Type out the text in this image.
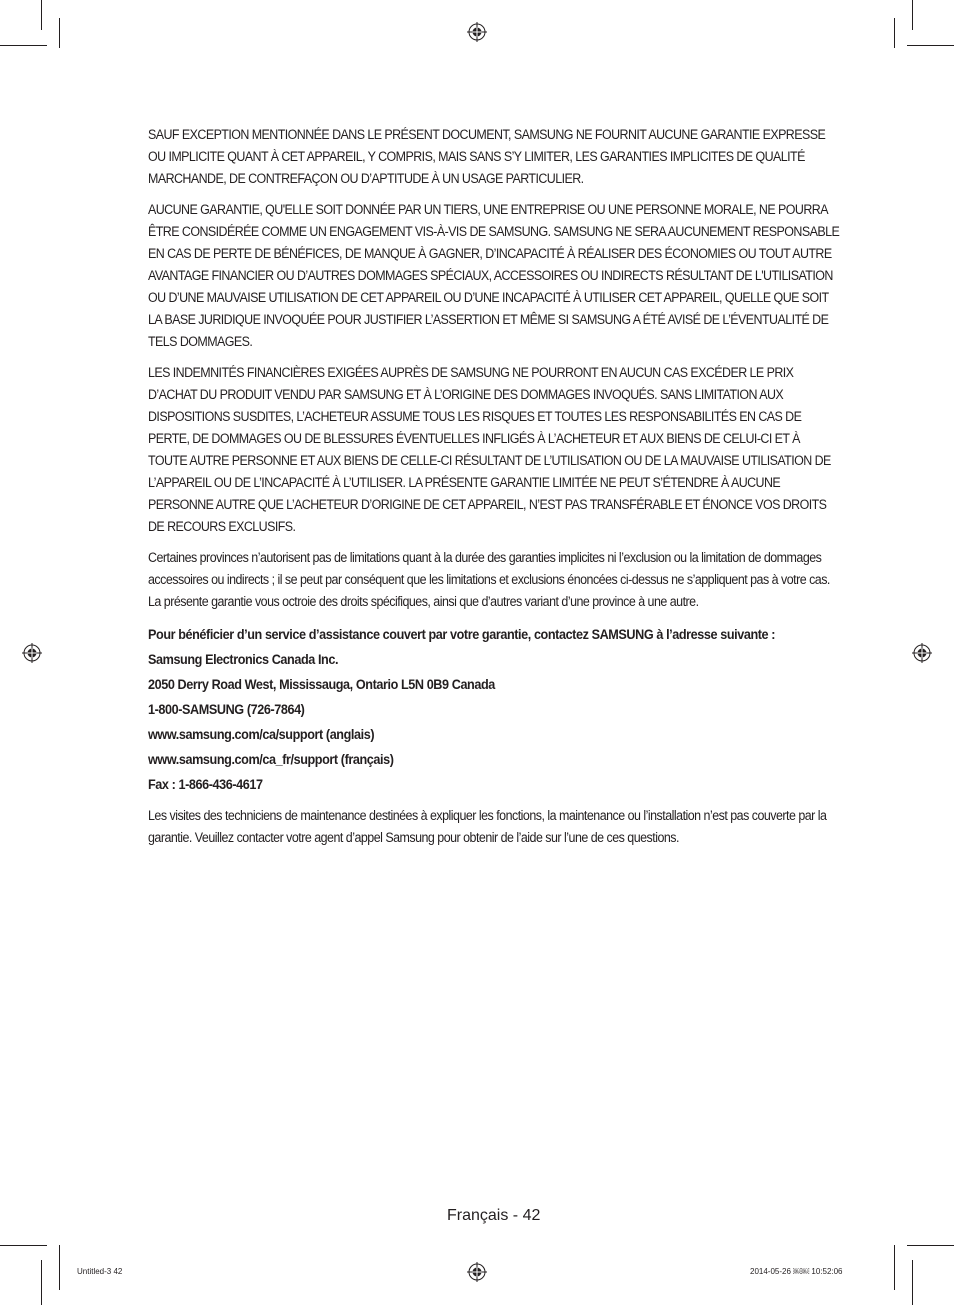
SAUF EXCEPTION MENTIONNÉE DANS LE PRÉSENT DOCUMENT, SAMSUNG NE FOURNIT AUCUNE GARANTIE EXPRESSE OU IMPLICITE QUANT À CET APPAREIL, Y COMPRIS, MAIS SANS S’Y LIMITER, LES GARANTIES IMPLICITES DE QUALITÉ MARCHANDE, DE CONTREFAÇON OU D’APTITUDE À UN USAGE PARTICULIER.

AUCUNE GARANTIE, QU'ELLE SOIT DONNÉE PAR UN TIERS, UNE ENTREPRISE OU UNE PERSONNE MORALE, NE POURRA ÊTRE CONSIDÉRÉE COMME UN ENGAGEMENT VIS-À-VIS DE SAMSUNG. SAMSUNG NE SERA AUCUNEMENT RESPONSABLE EN CAS DE PERTE DE BÉNÉFICES, DE MANQUE À GAGNER, D’INCAPACITÉ À RÉALISER DES ÉCONOMIES OU TOUT AUTRE AVANTAGE FINANCIER OU D’AUTRES DOMMAGES SPÉCIAUX, ACCESSOIRES OU INDIRECTS RÉSULTANT DE L'UTILISATION OU D’UNE MAUVAISE UTILISATION DE CET APPAREIL OU D’UNE INCAPACITÉ À UTILISER CET APPAREIL, QUELLE QUE SOIT LA BASE JURIDIQUE INVOQUÉE POUR JUSTIFIER L’ASSERTION ET MÊME SI SAMSUNG A ÉTÉ AVISÉ DE L’ÉVENTUALITÉ DE TELS DOMMAGES.

LES INDEMNITÉS FINANCIÈRES EXIGÉES AUPRÈS DE SAMSUNG NE POURRONT EN AUCUN CAS EXCÉDER LE PRIX D’ACHAT DU PRODUIT VENDU PAR SAMSUNG ET À L’ORIGINE DES DOMMAGES INVOQUÉS. SANS LIMITATION AUX DISPOSITIONS SUSDITES, L’ACHETEUR ASSUME TOUS LES RISQUES ET TOUTES LES RESPONSABILITÉS EN CAS DE PERTE, DE DOMMAGES OU DE BLESSURES ÉVENTUELLES INFLIGÉS À L’ACHETEUR ET AUX BIENS DE CELUI-CI ET À TOUTE AUTRE PERSONNE ET AUX BIENS DE CELLE-CI RÉSULTANT DE L’UTILISATION OU DE LA MAUVAISE UTILISATION DE L’APPAREIL OU DE L’INCAPACITÉ À L’UTILISER. LA PRÉSENTE GARANTIE LIMITÉE NE PEUT S’ÉTENDRE À AUCUNE PERSONNE AUTRE QUE L’ACHETEUR D’ORIGINE DE CET APPAREIL, N’EST PAS TRANSFÉRABLE ET ÉNONCE VOS DROITS DE RECOURS EXCLUSIFS.

Certaines provinces n’autorisent pas de limitations quant à la durée des garanties implicites ni l’exclusion ou la limitation de dommages accessoires ou indirects ; il se peut par conséquent que les limitations et exclusions énoncées ci-dessus ne s’appliquent pas à votre cas. La présente garantie vous octroie des droits spécifiques, ainsi que d’autres variant d’une province à une autre.

Pour bénéficier d’un service d’assistance couvert par votre garantie, contactez SAMSUNG à l’adresse suivante :

Samsung Electronics Canada Inc.

2050 Derry Road West, Mississauga, Ontario L5N 0B9 Canada

1-800-SAMSUNG (726-7864)

www.samsung.com/ca/support (anglais)

www.samsung.com/ca_fr/support (français)

Fax : 1-866-436-4617

Les visites des techniciens de maintenance destinées à expliquer les fonctions, la maintenance ou l’installation n’est pas couverte par la garantie. Veuillez contacter votre agent d’appel Samsung pour obtenir de l’aide sur l’une de ces questions.

Français - 42
Untitled-3 42	2014-05-26 ￼￼ 10:52:06
